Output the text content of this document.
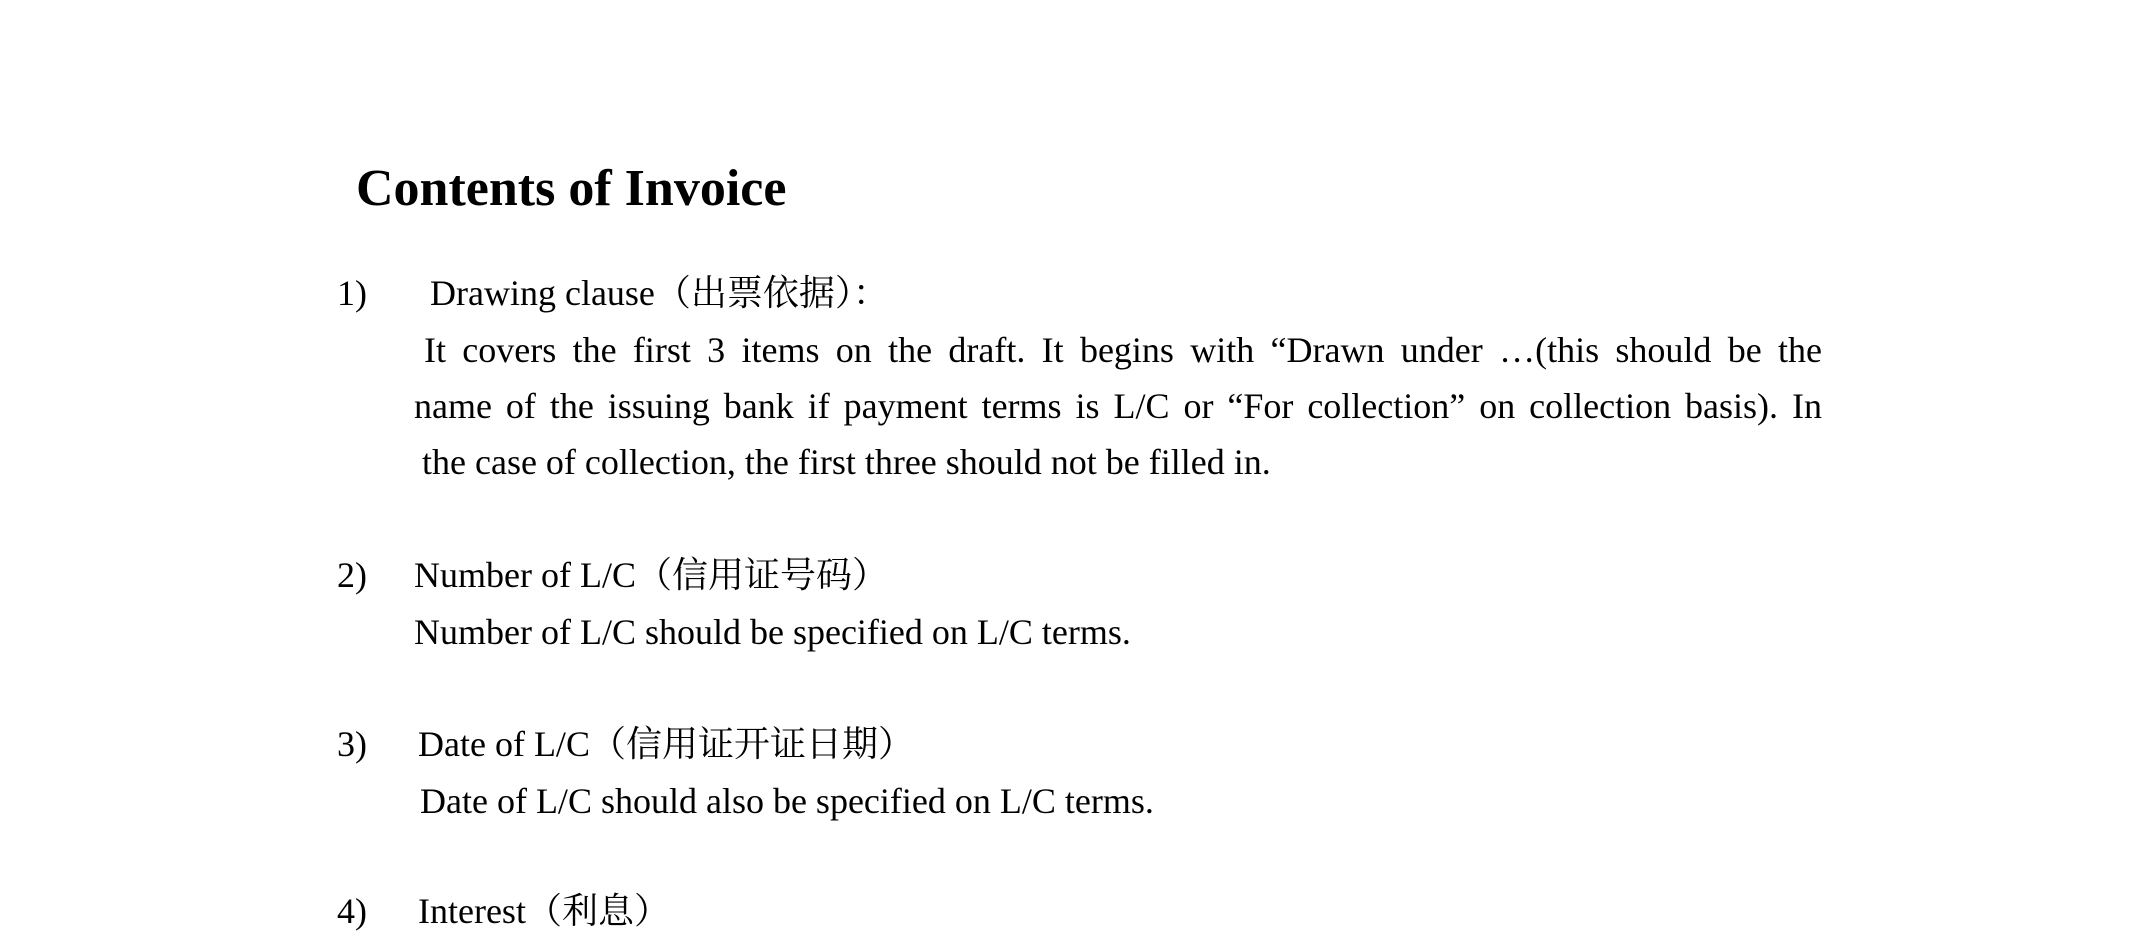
Contents of Invoice
1) Drawing clause（出票依据）：
It covers the first 3 items on the draft. It begins with “Drawn under …(this should be the
name of the issuing bank if payment terms is L/C or “For collection” on collection basis). In
the case of collection, the first three should not be filled in.
2) Number of L/C（信用证号码）
Number of L/C should be specified on L/C terms.
3) Date of L/C（信用证开证日期）
Date of L/C should also be specified on L/C terms.
4) Interest（利息）
